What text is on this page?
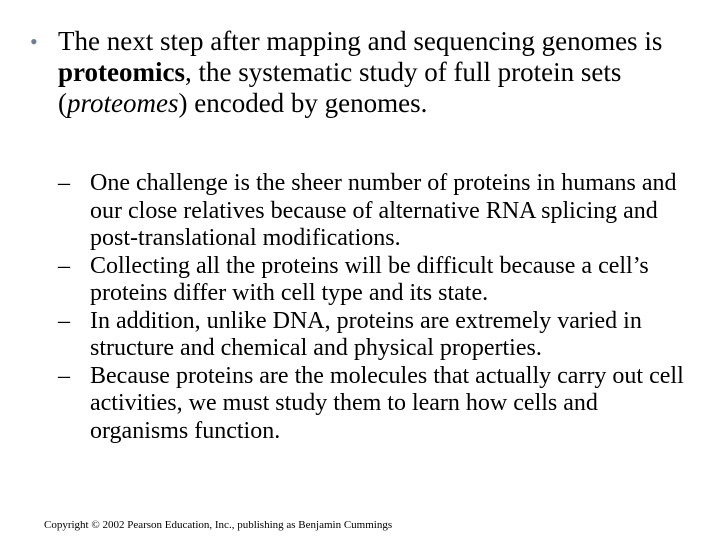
• The next step after mapping and sequencing genomes is proteomics, the systematic study of full protein sets (proteomes) encoded by genomes.

– One challenge is the sheer number of proteins in humans and our close relatives because of alternative RNA splicing and post-translational modifications.

– Collecting all the proteins will be difficult because a cell’s proteins differ with cell type and its state.

– In addition, unlike DNA, proteins are extremely varied in structure and chemical and physical properties.

– Because proteins are the molecules that actually carry out cell activities, we must study them to learn how cells and organisms function.

Copyright © 2002 Pearson Education, Inc., publishing as Benjamin Cummings
